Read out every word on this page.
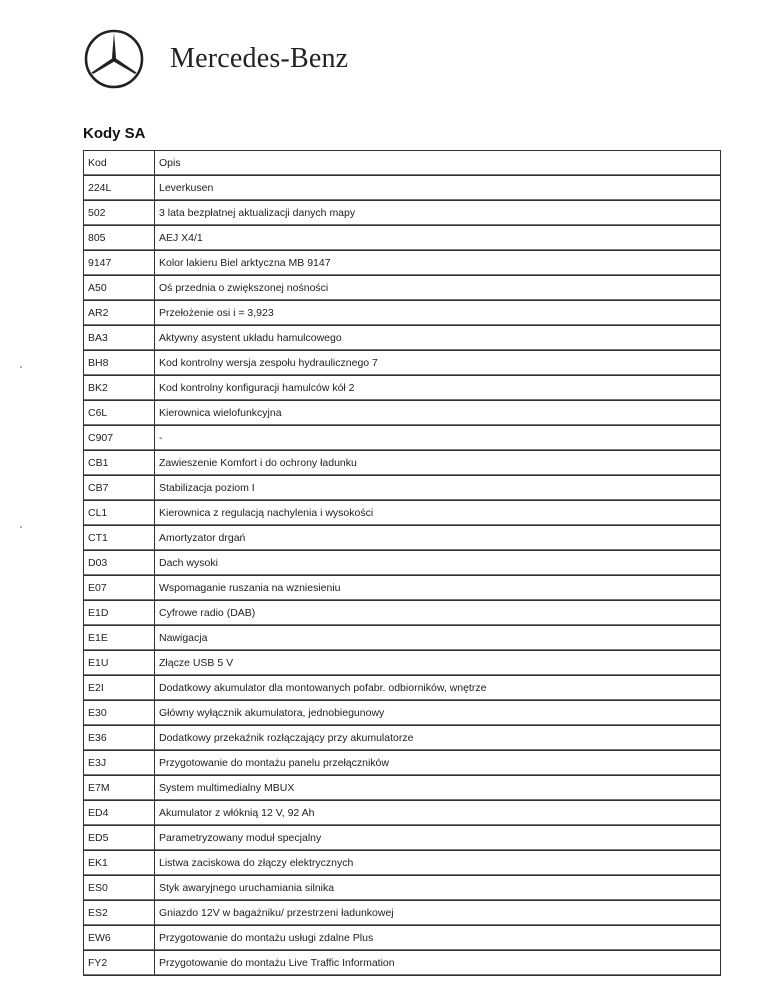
Mercedes-Benz
Kody SA
Kod	Opis
224L	Leverkusen
502	3 lata bezpłatnej aktualizacji danych mapy
805	AEJ X4/1
9147	Kolor lakieru Biel arktyczna MB 9147
A50	Oś przednia o zwiększonej nośności
AR2	Przełożenie osi i = 3,923
BA3	Aktywny asystent układu hamulcowego
BH8	Kod kontrolny wersja zespołu hydraulicznego 7
BK2	Kod kontrolny konfiguracji hamulców kół 2
C6L	Kierownica wielofunkcyjna
C907	-
CB1	Zawieszenie Komfort i do ochrony ładunku
CB7	Stabilizacja poziom I
CL1	Kierownica z regulacją nachylenia i wysokości
CT1	Amortyzator drgań
D03	Dach wysoki
E07	Wspomaganie ruszania na wzniesieniu
E1D	Cyfrowe radio (DAB)
E1E	Nawigacja
E1U	Złącze USB 5 V
E2I	Dodatkowy akumulator dla montowanych pofabr. odbiorników, wnętrze
E30	Główny wyłącznik akumulatora, jednobiegunowy
E36	Dodatkowy przekaźnik rozłączający przy akumulatorze
E3J	Przygotowanie do montażu panelu przełączników
E7M	System multimedialny MBUX
ED4	Akumulator z włóknią 12 V, 92 Ah
ED5	Parametryzowany moduł specjalny
EK1	Listwa zaciskowa do złączy elektrycznych
ES0	Styk awaryjnego uruchamiania silnika
ES2	Gniazdo 12V w bagażniku/ przestrzeni ładunkowej
EW6	Przygotowanie do montażu usługi zdalne Plus
FY2	Przygotowanie do montażu Live Traffic Information
